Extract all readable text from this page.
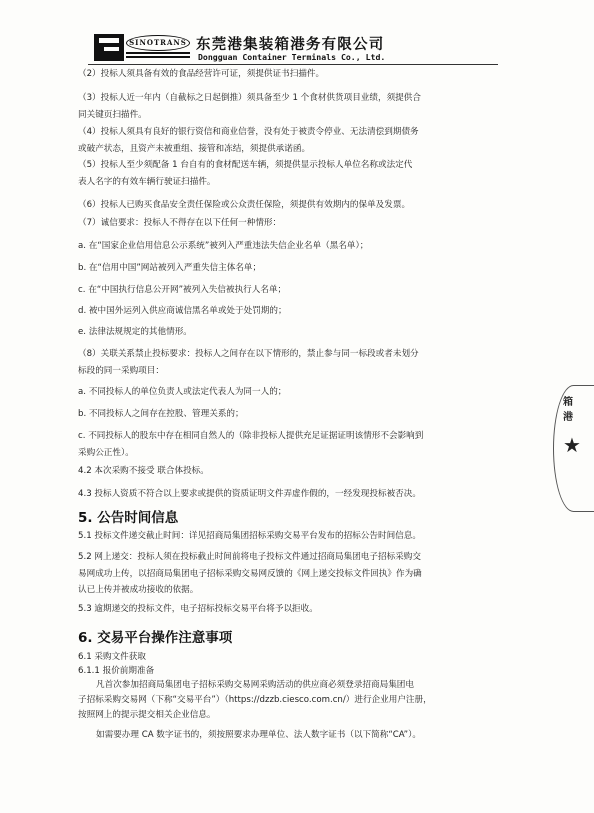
SINOTRANS 东莞港集装箱港务有限公司
Dongguan Container Terminals Co., Ltd.
（2）投标人须具备有效的食品经营许可证，须提供证书扫描件。
（3）投标人近一年内（自截标之日起倒推）须具备至少 1 个食材供货项目业绩，须提供合
同关键页扫描件。
（4）投标人须具有良好的银行资信和商业信誉，没有处于被责令停业、无法清偿到期债务
或破产状态，且资产未被重组、接管和冻结，须提供承诺函。
（5）投标人至少须配备 1 台自有的食材配送车辆，须提供显示投标人单位名称或法定代
表人名字的有效车辆行驶证扫描件。
（6）投标人已购买食品安全责任保险或公众责任保险，须提供有效期内的保单及发票。
（7）诚信要求：投标人不得存在以下任何一种情形：
a. 在“国家企业信用信息公示系统”被列入严重违法失信企业名单（黑名单）；
b. 在“信用中国”网站被列入严重失信主体名单；
c. 在“中国执行信息公开网”被列入失信被执行人名单；
d. 被中国外运列入供应商诚信黑名单或处于处罚期的；
e. 法律法规规定的其他情形。
（8）关联关系禁止投标要求：投标人之间存在以下情形的，禁止参与同一标段或者未划分
标段的同一采购项目：
a. 不同投标人的单位负责人或法定代表人为同一人的；
b. 不同投标人之间存在控股、管理关系的；
c. 不同投标人的股东中存在相同自然人的（除非投标人提供充足证据证明该情形不会影响到
采购公正性）。
4.2 本次采购不接受 联合体投标。
4.3 投标人资质不符合以上要求或提供的资质证明文件弄虚作假的，一经发现投标被否决。
5. 公告时间信息
5.1 投标文件递交截止时间：详见招商局集团招标采购交易平台发布的招标公告时间信息。
5.2 网上递交：投标人须在投标截止时间前将电子投标文件通过招商局集团电子招标采购交
易网成功上传，以招商局集团电子招标采购交易网反馈的《网上递交投标文件回执》作为确
认已上传并被成功接收的依据。
5.3 逾期递交的投标文件，电子招标投标交易平台将予以拒收。
6. 交易平台操作注意事项
6.1 采购文件获取
6.1.1 报价前期准备
凡首次参加招商局集团电子招标采购交易网采购活动的供应商必须登录招商局集团电
子招标采购交易网（下称“交易平台”）（https://dzzb.ciesco.com.cn/）进行企业用户注册，
按照网上的提示提交相关企业信息。
如需要办理 CA 数字证书的，须按照要求办理单位、法人数字证书（以下简称“CA”）。
箱港
★
